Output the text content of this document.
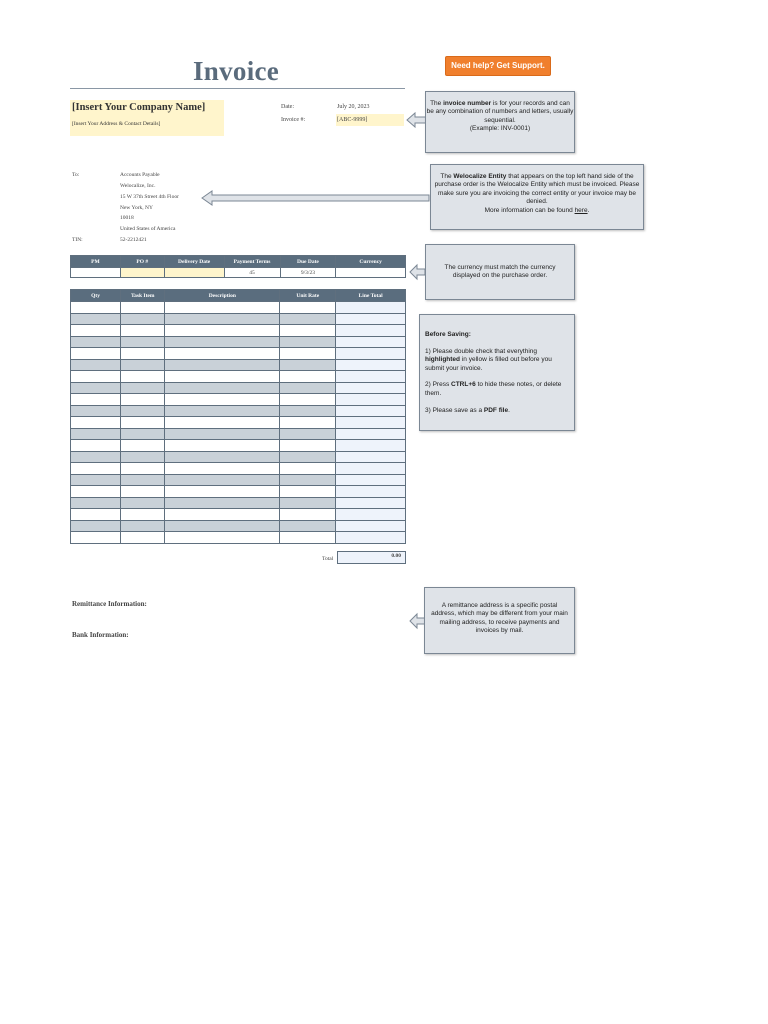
Invoice	Need help? Get Support.
[Insert Your Company Name]
[Insert Your Address & Contact Details]
Date:	July 20, 2023
Invoice #:	[ABC-9999]
To:	Accounts Payable
Welocalize, Inc.
15 W 37th Street 4th Floor
New York, NY
10018
United States of America
TIN:	52-2212421
PM	PO #	Delivery Date	Payment Terms	Due Date	Currency
			45	9/3/23	
Qty	Task Item	Description	Unit Rate	Line Total

Total	0.00
Remittance Information:
Bank Information:
The invoice number is for your records and can be any combination of numbers and letters, usually sequential.
(Example: INV-0001)
The Welocalize Entity that appears on the top left hand side of the purchase order is the Welocalize Entity which must be invoiced. Please make sure you are invoicing the correct entity or your invoice may be denied.
More information can be found here.
The currency must match the currency displayed on the purchase order.
Before Saving:

1) Please double check that everything highlighted in yellow is filled out before you submit your invoice.

2) Press CTRL+6 to hide these notes, or delete them.

3) Please save as a PDF file.
A remittance address is a specific postal address, which may be different from your main mailing address, to receive payments and invoices by mail.
